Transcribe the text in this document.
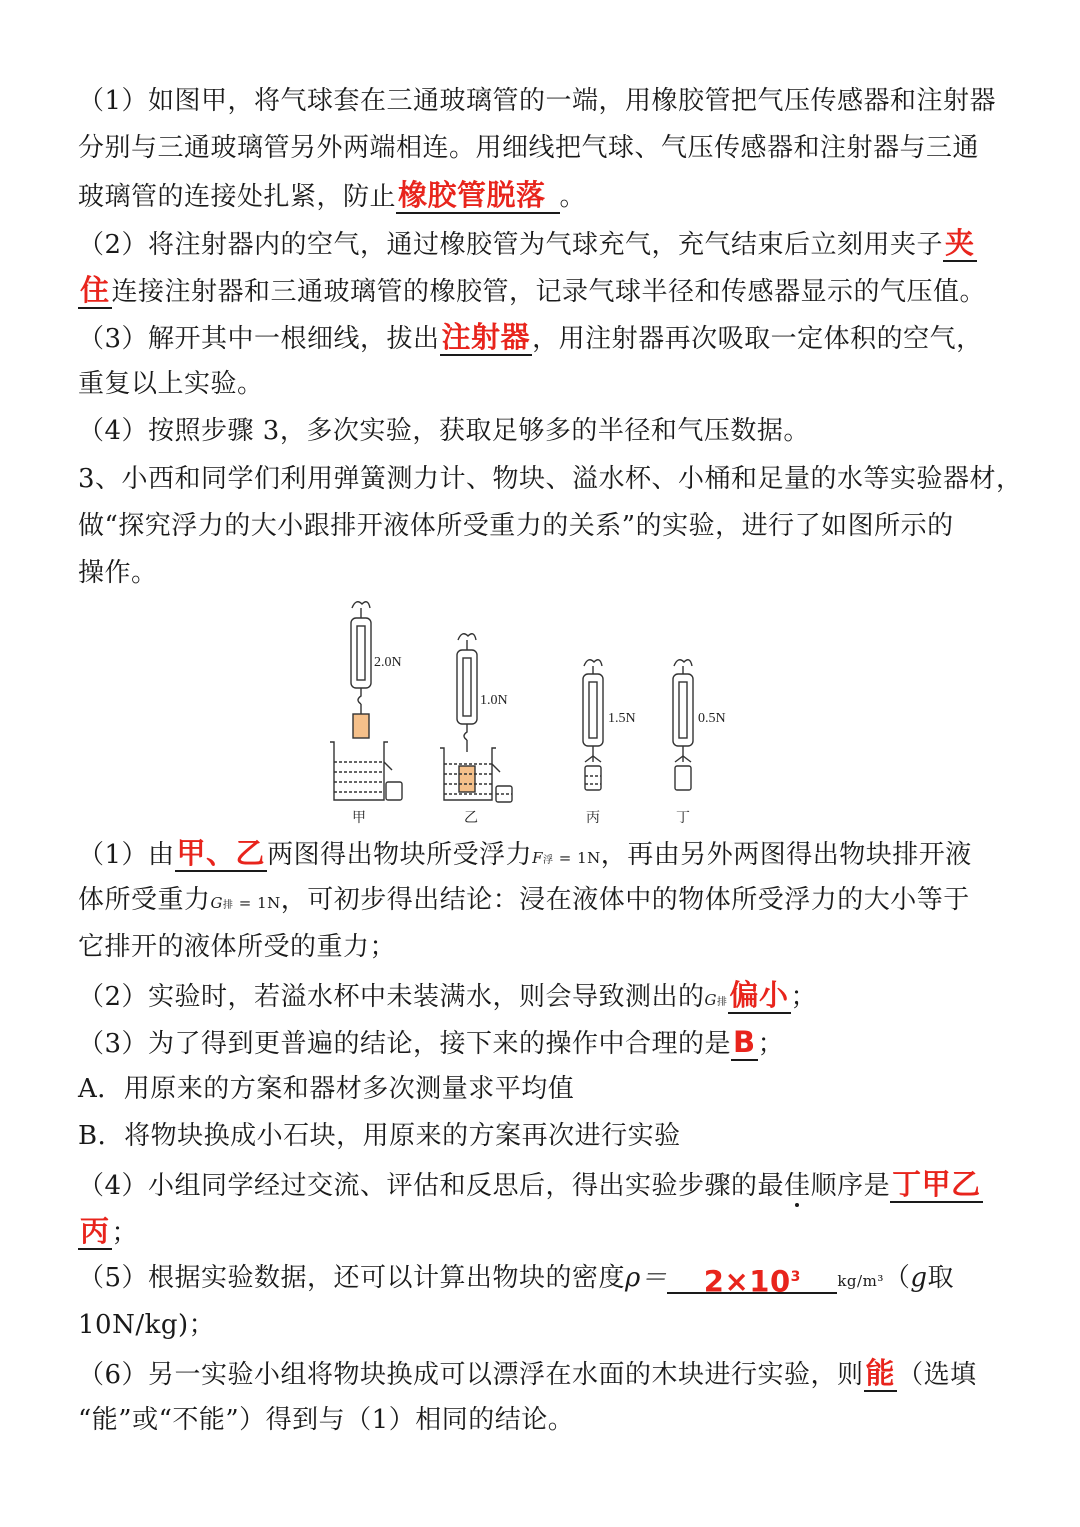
（1）如图甲，将气球套在三通玻璃管的一端，用橡胶管把气压传感器和注射器
分别与三通玻璃管另外两端相连。用细线把气球、气压传感器和注射器与三通
玻璃管的连接处扎紧，防止橡胶管脱落 。
（2）将注射器内的空气，通过橡胶管为气球充气，充气结束后立刻用夹子夹
住连接注射器和三通玻璃管的橡胶管，记录气球半径和传感器显示的气压值。
（3）解开其中一根细线，拔出注射器，用注射器再次吸取一定体积的空气，
重复以上实验。
（4）按照步骤 3，多次实验，获取足够多的半径和气压数据。
3、小西和同学们利用弹簧测力计、物块、溢水杯、小桶和足量的水等实验器材，
做“探究浮力的大小跟排开液体所受重力的关系”的实验，进行了如图所示的
操作。
（1）由甲、乙两图得出物块所受浮力F浮 = 1N，再由另外两图得出物块排开液
体所受重力G排 = 1N，可初步得出结论：浸在液体中的物体所受浮力的大小等于
它排开的液体所受的重力；
（2）实验时，若溢水杯中未装满水，则会导致测出的G排偏小；
（3）为了得到更普遍的结论，接下来的操作中合理的是B；
A．用原来的方案和器材多次测量求平均值
B．将物块换成小石块，用原来的方案再次进行实验
（4）小组同学经过交流、评估和反思后，得出实验步骤的最佳顺序是丁甲乙
丙；
（5）根据实验数据，还可以计算出物块的密度$\rho= 2\times 10^3$ kg/m³（g取
10N/kg)；
（6）另一实验小组将物块换成可以漂浮在水面的木块进行实验，则能（选填
“能”或“不能”）得到与（1）相同的结论。
2.0N
1.0N
1.5N	0.5N
甲	乙	丙	丁
